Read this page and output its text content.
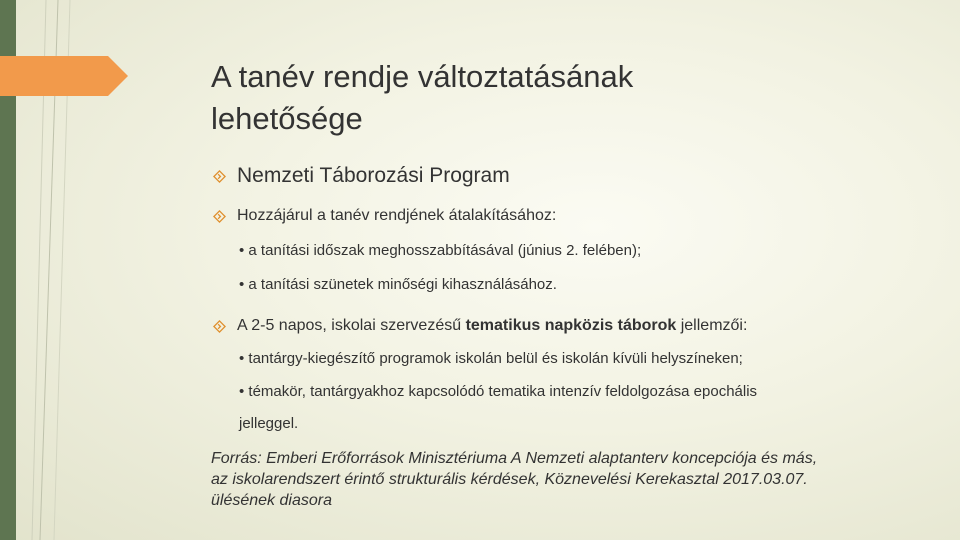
A tanév rendje változtatásának
lehetősége
Nemzeti Táborozási Program
Hozzájárul a tanév rendjének átalakításához:
• a tanítási időszak meghosszabbításával (június 2. felében);
• a tanítási szünetek minőségi kihasználásához.
A 2-5 napos, iskolai szervezésű tematikus napközis táborok jellemzői:
• tantárgy-kiegészítő programok iskolán belül és iskolán kívüli helyszíneken;
• témakör, tantárgyakhoz kapcsolódó tematika intenzív feldolgozása epochális
jelleggel.
Forrás: Emberi Erőforrások Minisztériuma A Nemzeti alaptanterv koncepciója és más,
az iskolarendszert érintő strukturális kérdések, Köznevelési Kerekasztal 2017.03.07.
ülésének diasora
